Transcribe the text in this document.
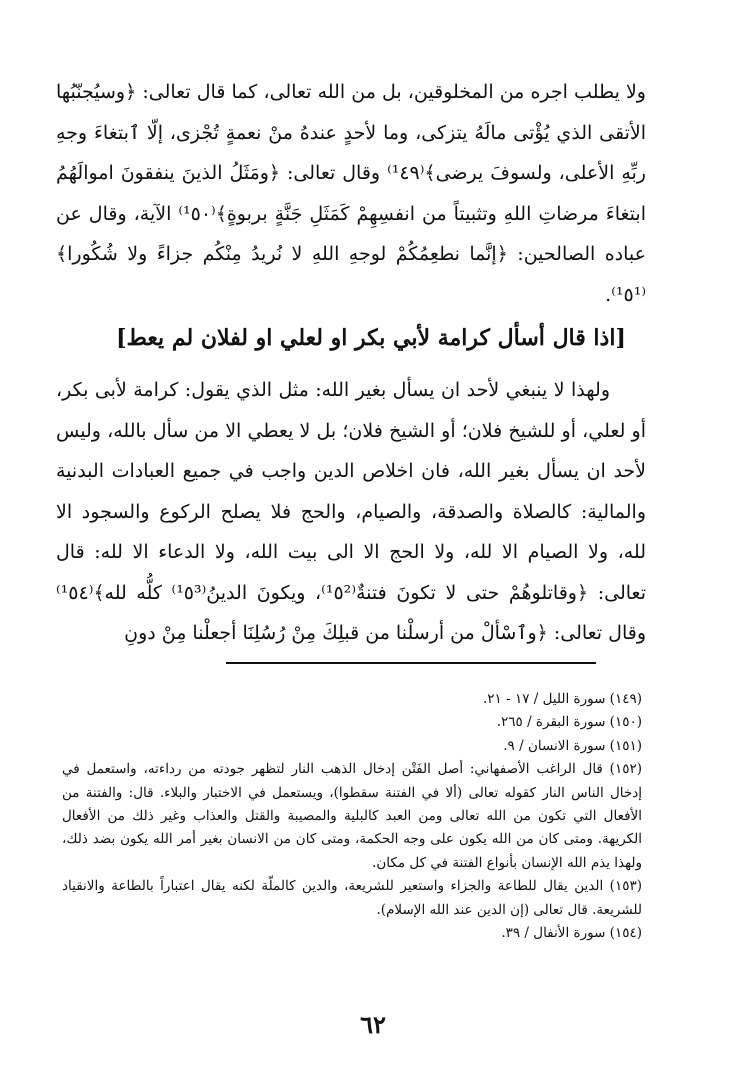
ولا يطلب اجره من المخلوقين، بل من الله تعالى، كما قال تعالى: ﴿وسيُجنّبُها الأتقى الذي يُؤْتى مالَهُ يتزكى، وما لأحدٍ عندهُ منْ نعمةٍ تُجْزى، إلّا ٱبتغاءَ وجهِ ربِّهِ الأعلى، ولسوفَ يرضى﴾⁽¹٤٩⁾ وقال تعالى: ﴿ومَثَلُ الذينَ ينفقونَ اموالَهُمُ ابتغاءَ مرضاتِ اللهِ وتثبيتاً من انفسِهِمْ كَمَثَلِ جَنَّةٍ بربوةٍ﴾⁽¹٥٠⁾ الآية، وقال عن عباده الصالحين: ﴿إنَّما نطعِمُكُمْ لوجهِ اللهِ لا نُريدُ مِنْكُم جزاءً ولا شُكُورا﴾⁽¹٥¹⁾.

[اذا قال أسأل كرامة لأبي بكر او لعلي او لفلان لم يعط]

ولهذا لا ينبغي لأحد ان يسأل بغير الله: مثل الذي يقول: كرامة لأبى بكر، أو لعلي، أو للشيخ فلان؛ أو الشيخ فلان؛ بل لا يعطي الا من سأل بالله، وليس لأحد ان يسأل بغير الله، فان اخلاص الدين واجب في جميع العبادات البدنية والمالية: كالصلاة والصدقة، والصيام، والحج فلا يصلح الركوع والسجود الا لله، ولا الصيام الا لله، ولا الحج الا الى بيت الله، ولا الدعاء الا لله: قال تعالى: ﴿وقاتلوهُمْ حتى لا تكونَ فتنةٌ⁽¹٥²⁾، ويكونَ الدينُ⁽¹٥³⁾ كلُّه لله﴾⁽¹٥٤⁾ وقال تعالى: ﴿وٱسْألْ من أرسلْنا من قبلِكَ مِنْ رُسُلِنَا أجعلْنا مِنْ دونِ

(١٤٩) سورة الليل / ١٧ - ٢١.

(١٥٠) سورة البقرة / ٢٦٥.

(١٥١) سورة الانسان / ٩.

(١٥٢) قال الراغب الأصفهاني: أصل الفَتْن إدخال الذهب النار لتظهر جودته من رداءته، واستعمل في إدخال الناس النار كقوله تعالى (ألا في الفتنة سقطوا)، ويستعمل في الاختبار والبلاء. قال: والفتنة من الأفعال التي تكون من الله تعالى ومن العبد كالبلية والمصيبة والقتل والعذاب وغير ذلك من الأفعال الكريهة. ومتى كان من الله يكون على وجه الحكمة، ومتى كان من الانسان بغير أمر الله يكون بضد ذلك، ولهذا يذم الله الإنسان بأنواع الفتنة في كل مكان.

(١٥٣) الدين يقال للطاعة والجزاء واستعير للشريعة، والدين كالملّة لكنه يقال اعتباراً بالطاعة والانقياد للشريعة. قال تعالى (إن الدين عند الله الإسلام).

(١٥٤) سورة الأنفال / ٣٩.

٦٢
